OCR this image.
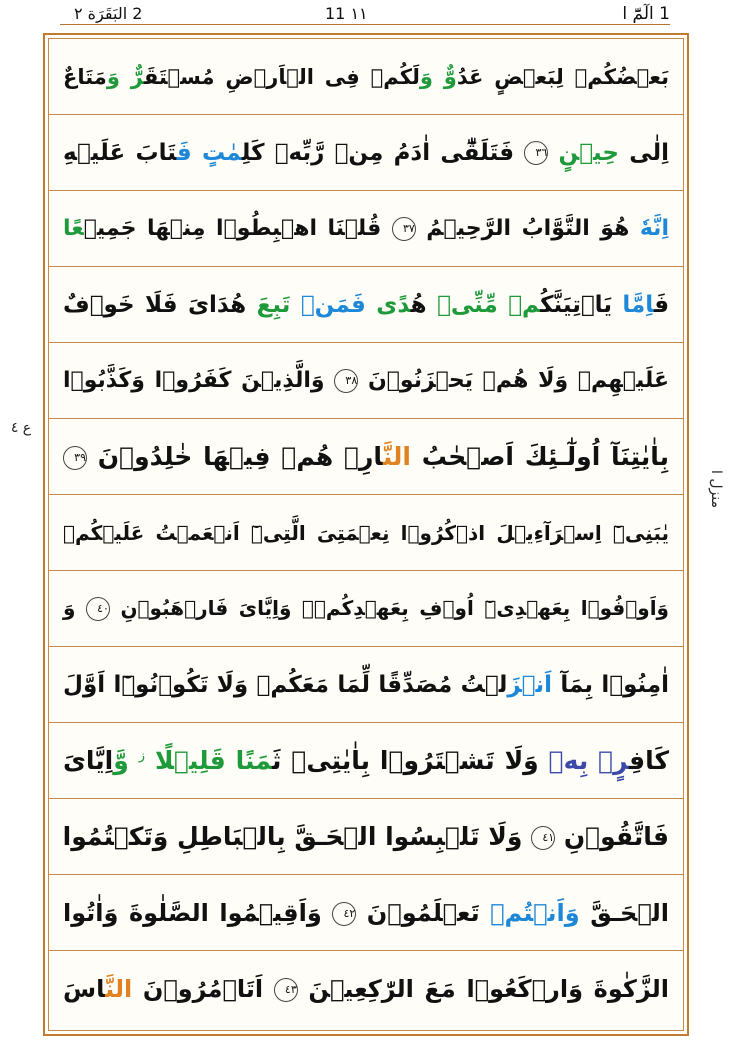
1 الٓمّٓ ا
11 ١١
2 البَقَرَة ٢
ع ٤
منزل ا
بَعۡضُكُمۡ لِبَعۡضٍ عَدُوٌّ وَلَكُمۡ فِى الۡاَرۡضِ مُسۡتَقَرٌّ وَمَتَاعٌ
اِلٰى حِيۡنٍ ٣٦ فَتَلَقّٰٓى اٰدَمُ مِنۡ رَّبِّهٖ كَلِمٰتٍ فَتَابَ عَلَيۡهِ
اِنَّهٗ هُوَ التَّوَّابُ الرَّحِيۡمُ ٣٧ قُلۡنَا اهۡبِطُوۡا مِنۡهَا جَمِيۡعًا
فَاِمَّا يَاۡتِيَنَّكُمۡ مِّنِّىۡ هُدًى فَمَنۡ تَبِعَ هُدَاىَ فَلَا خَوۡفٌ
عَلَيۡهِمۡ وَلَا هُمۡ يَحۡزَنُوۡنَ ٣٨ وَالَّذِيۡنَ كَفَرُوۡا وَكَذَّبُوۡا
بِاٰيٰتِنَآ اُولٰٓـئِكَ اَصۡحٰبُ النَّارِ‌ۚ هُمۡ فِيۡهَا خٰلِدُوۡنَ ٣٩
يٰبَنِىۡٓ اِسۡرَآءِيۡلَ اذۡكُرُوۡا نِعۡمَتِىَ الَّتِىۡٓ اَنۡعَمۡتُ عَلَيۡكُمۡ
وَاَوۡفُوۡا بِعَهۡدِىۡٓ اُوۡفِ بِعَهۡدِكُمۡ‌ۚ وَاِيَّاىَ فَارۡهَبُوۡنِ ٤٠ وَ
اٰمِنُوۡا بِمَآ اَنۡزَلۡتُ مُصَدِّقًا لِّمَا مَعَكُمۡ وَلَا تَكُوۡنُوۡٓا اَوَّلَ
كَافِرٍۢ بِهٖ وَلَا تَشۡتَرُوۡا بِاٰيٰتِىۡ ثَمَنًا قَلِيۡلًا $^ز$ وَّاِيَّاىَ
فَاتَّقُوۡنِ ٤١ وَلَا تَلۡبِسُوا الۡحَـقَّ بِالۡبَاطِلِ وَتَكۡتُمُوا
الۡحَـقَّ وَاَنۡتُمۡ تَعۡلَمُوۡنَ ٤٢ وَاَقِيۡمُوا الصَّلٰوةَ وَاٰتُوا
الزَّكٰوةَ وَارۡكَعُوۡا مَعَ الرّٰكِعِيۡنَ ٤٣ اَتَاۡمُرُوۡنَ النَّاسَ
